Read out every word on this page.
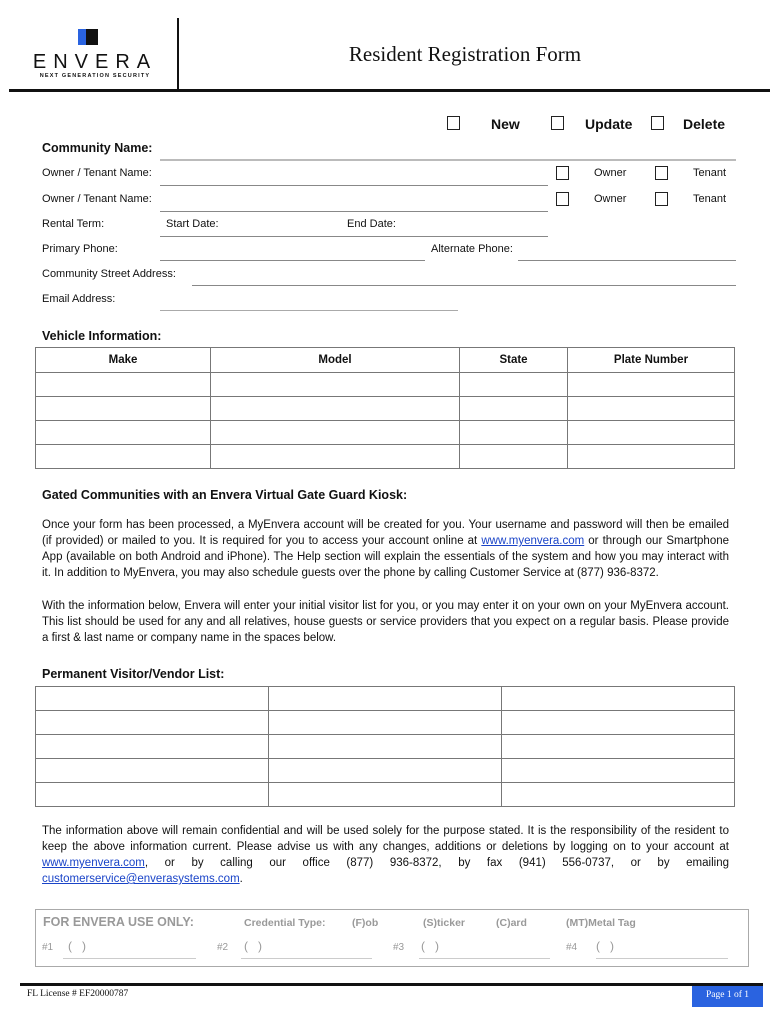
ENVERA
NEXT GENERATION SECURITY
Resident Registration Form
New	Update	Delete
Community Name:
Owner / Tenant Name:	Owner	Tenant
Owner / Tenant Name:	Owner	Tenant
Rental Term:	Start Date:	End Date:
Primary Phone:	Alternate Phone:
Community Street Address:
Email Address:
Vehicle Information:
Make	Model	State	Plate Number

Gated Communities with an Envera Virtual Gate Guard Kiosk:
Once your form has been processed, a MyEnvera account will be created for you. Your username and password will then be emailed (if provided) or mailed to you. It is required for you to access your account online at www.myenvera.com or through our Smartphone App (available on both Android and iPhone). The Help section will explain the essentials of the system and how you may interact with it. In addition to MyEnvera, you may also schedule guests over the phone by calling Customer Service at (877) 936-8372.
With the information below, Envera will enter your initial visitor list for you, or you may enter it on your own on your MyEnvera account. This list should be used for any and all relatives, house guests or service providers that you expect on a regular basis. Please provide a first & last name or company name in the spaces below.
Permanent Visitor/Vendor List:

The information above will remain confidential and will be used solely for the purpose stated. It is the responsibility of the resident to keep the above information current. Please advise us with any changes, additions or deletions by logging on to your account at www.myenvera.com, or by calling our office (877) 936-8372, by fax (941) 556-0737, or by emailing customerservice@enverasystems.com.
FOR ENVERA USE ONLY:	Credential Type:	(F)ob	(S)ticker	(C)ard	(MT)Metal Tag
#1 (   )	#2 (   )	#3 (   )	#4 (   )
FL License # EF20000787	Page 1 of 1
